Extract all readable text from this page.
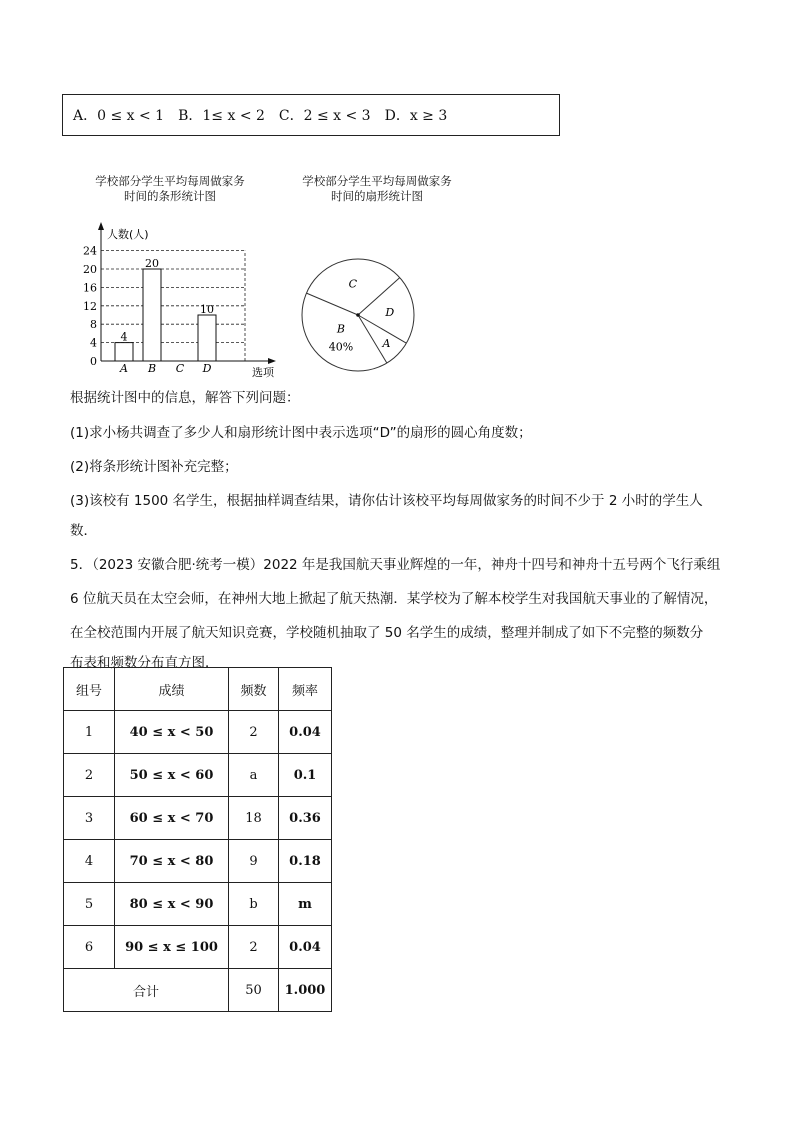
A．0 ≤ x < 1 B．1≤ x < 2 C．2 ≤ x < 3 D．x ≥ 3
学校部分学生平均每周做家务
时间的条形统计图
学校部分学生平均每周做家务
时间的扇形统计图
0
4
8
12
16
20
24
人数(人)
选项
A
4
B
20
C D
10
C
D
A
B
40%
根据统计图中的信息，解答下列问题：
(1)求小杨共调查了多少人和扇形统计图中表示选项“D”的扇形的圆心角度数；
(2)将条形统计图补充完整；
(3)该校有 1500 名学生，根据抽样调查结果，请你估计该校平均每周做家务的时间不少于 2 小时的学生人
数．
5．（2023 安徽合肥·统考一模）2022 年是我国航天事业辉煌的一年，神舟十四号和神舟十五号两个飞行乘组
6 位航天员在太空会师，在神州大地上掀起了航天热潮．某学校为了解本校学生对我国航天事业的了解情况，
在全校范围内开展了航天知识竞赛，学校随机抽取了 50 名学生的成绩，整理并制成了如下不完整的频数分
布表和频数分布直方图．
组号	成绩	频数	频率
1	40 ≤ x < 50	2	0.04
2	50 ≤ x < 60	a	0.1
3	60 ≤ x < 70	18	0.36
4	70 ≤ x < 80	9	0.18
5	80 ≤ x < 90	b	m
6	90 ≤ x ≤ 100	2	0.04
合计		50	1.000
